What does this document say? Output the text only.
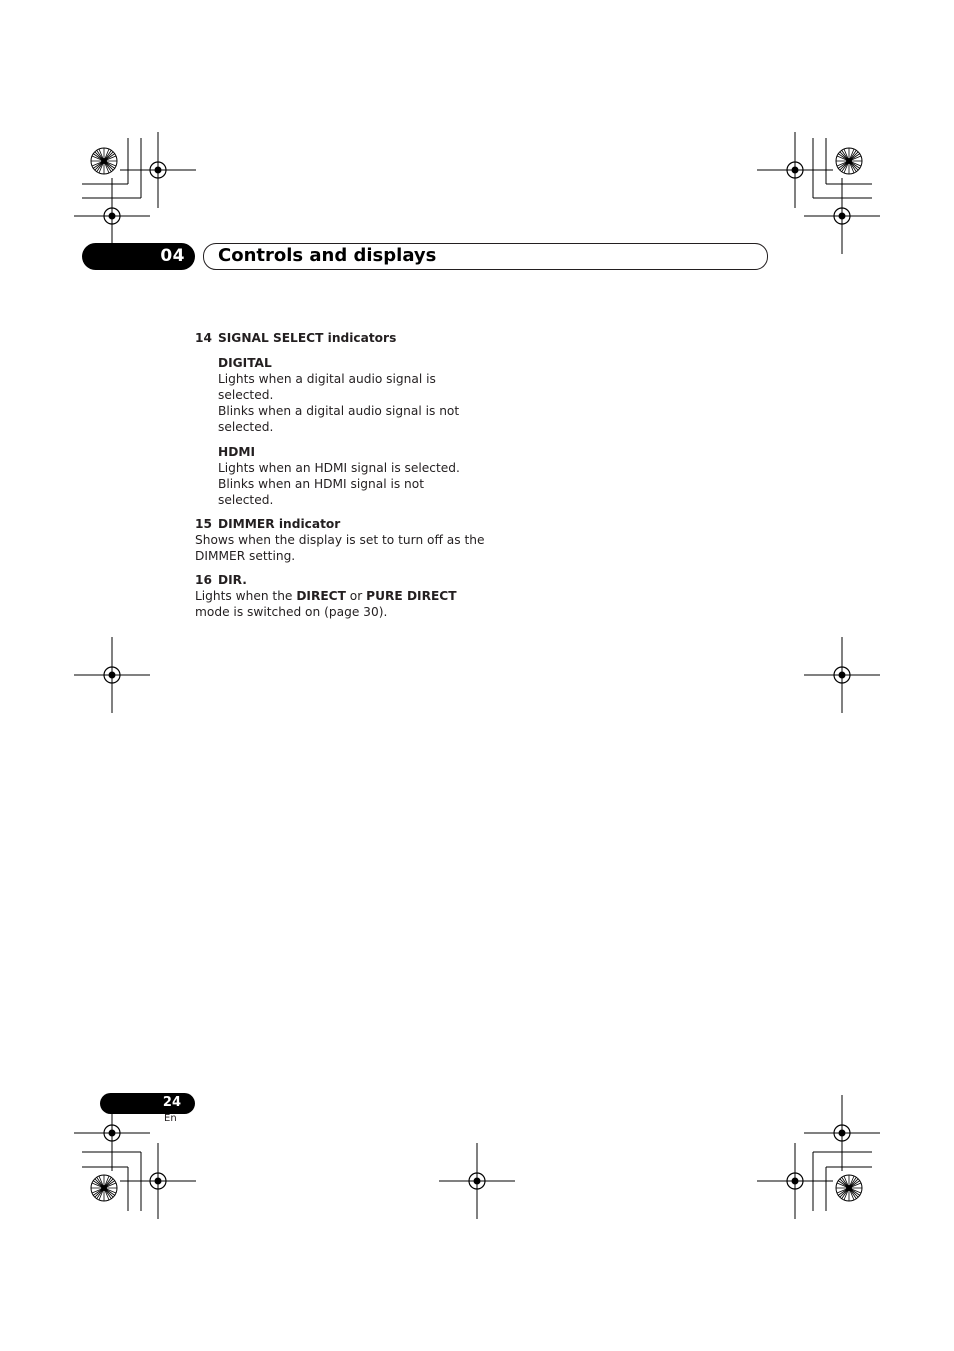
04 Controls and displays

14 SIGNAL SELECT indicators

DIGITAL

Lights when a digital audio signal is

selected.

Blinks when a digital audio signal is not

selected.

HDMI

Lights when an HDMI signal is selected.

Blinks when an HDMI signal is not

selected.

15 DIMMER indicator

Shows when the display is set to turn off as the

DIMMER setting.

16 DIR.

Lights when the DIRECT or PURE DIRECT

mode is switched on (page 30).

24
En
